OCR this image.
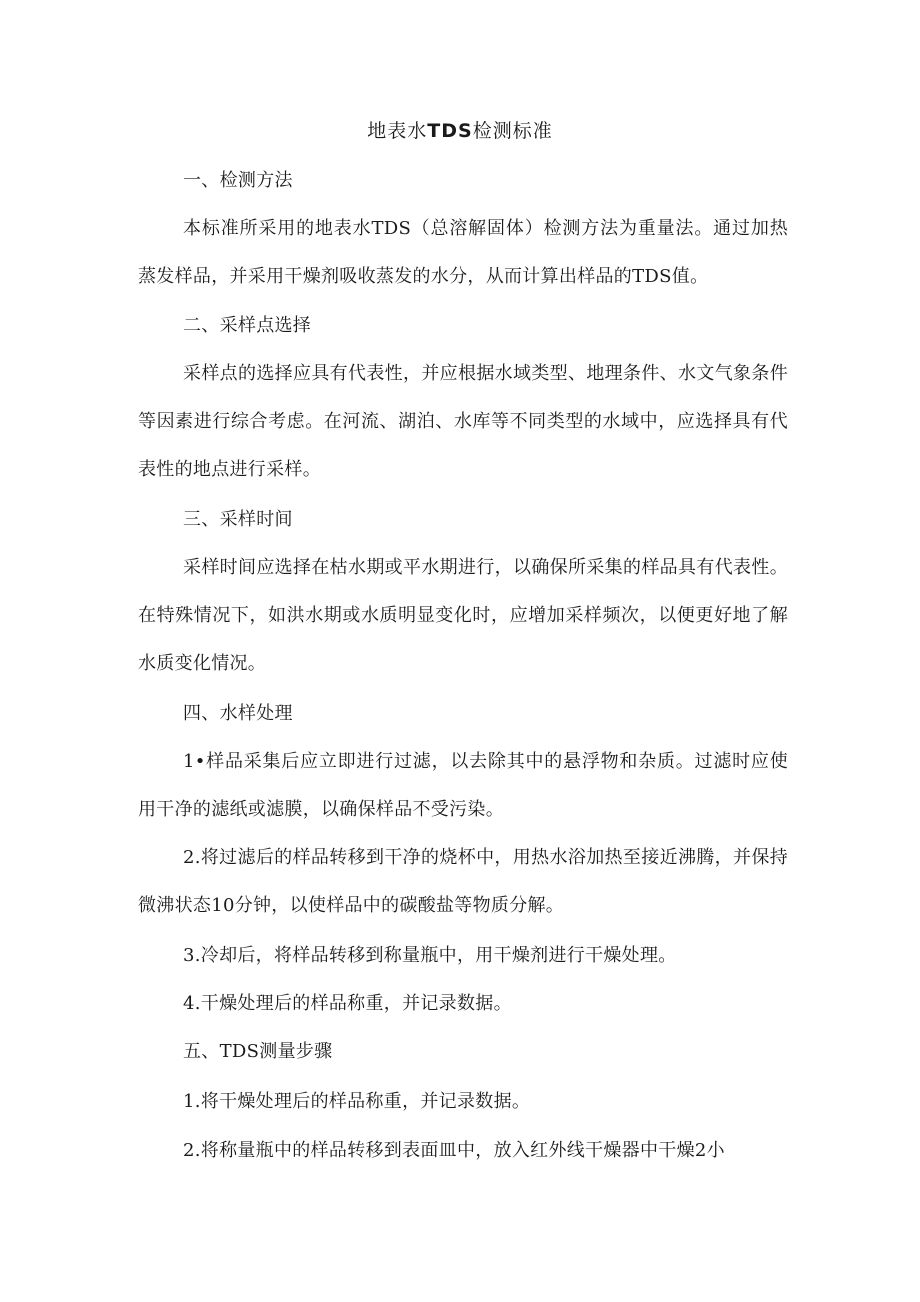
地表水TDS检测标准

一、检测方法

本标准所采用的地表水TDS（总溶解固体）检测方法为重量法。通过加热蒸发样品，并采用干燥剂吸收蒸发的水分，从而计算出样品的TDS值。

二、采样点选择

采样点的选择应具有代表性，并应根据水域类型、地理条件、水文气象条件等因素进行综合考虑。在河流、湖泊、水库等不同类型的水域中，应选择具有代表性的地点进行采样。

三、采样时间

采样时间应选择在枯水期或平水期进行，以确保所采集的样品具有代表性。在特殊情况下，如洪水期或水质明显变化时，应增加采样频次，以便更好地了解水质变化情况。

四、水样处理

1•样品采集后应立即进行过滤，以去除其中的悬浮物和杂质。过滤时应使用干净的滤纸或滤膜，以确保样品不受污染。

2.将过滤后的样品转移到干净的烧杯中，用热水浴加热至接近沸腾，并保持微沸状态10分钟，以使样品中的碳酸盐等物质分解。

3.冷却后，将样品转移到称量瓶中，用干燥剂进行干燥处理。

4.干燥处理后的样品称重，并记录数据。

五、TDS测量步骤

1.将干燥处理后的样品称重，并记录数据。

2.将称量瓶中的样品转移到表面皿中，放入红外线干燥器中干燥2小
